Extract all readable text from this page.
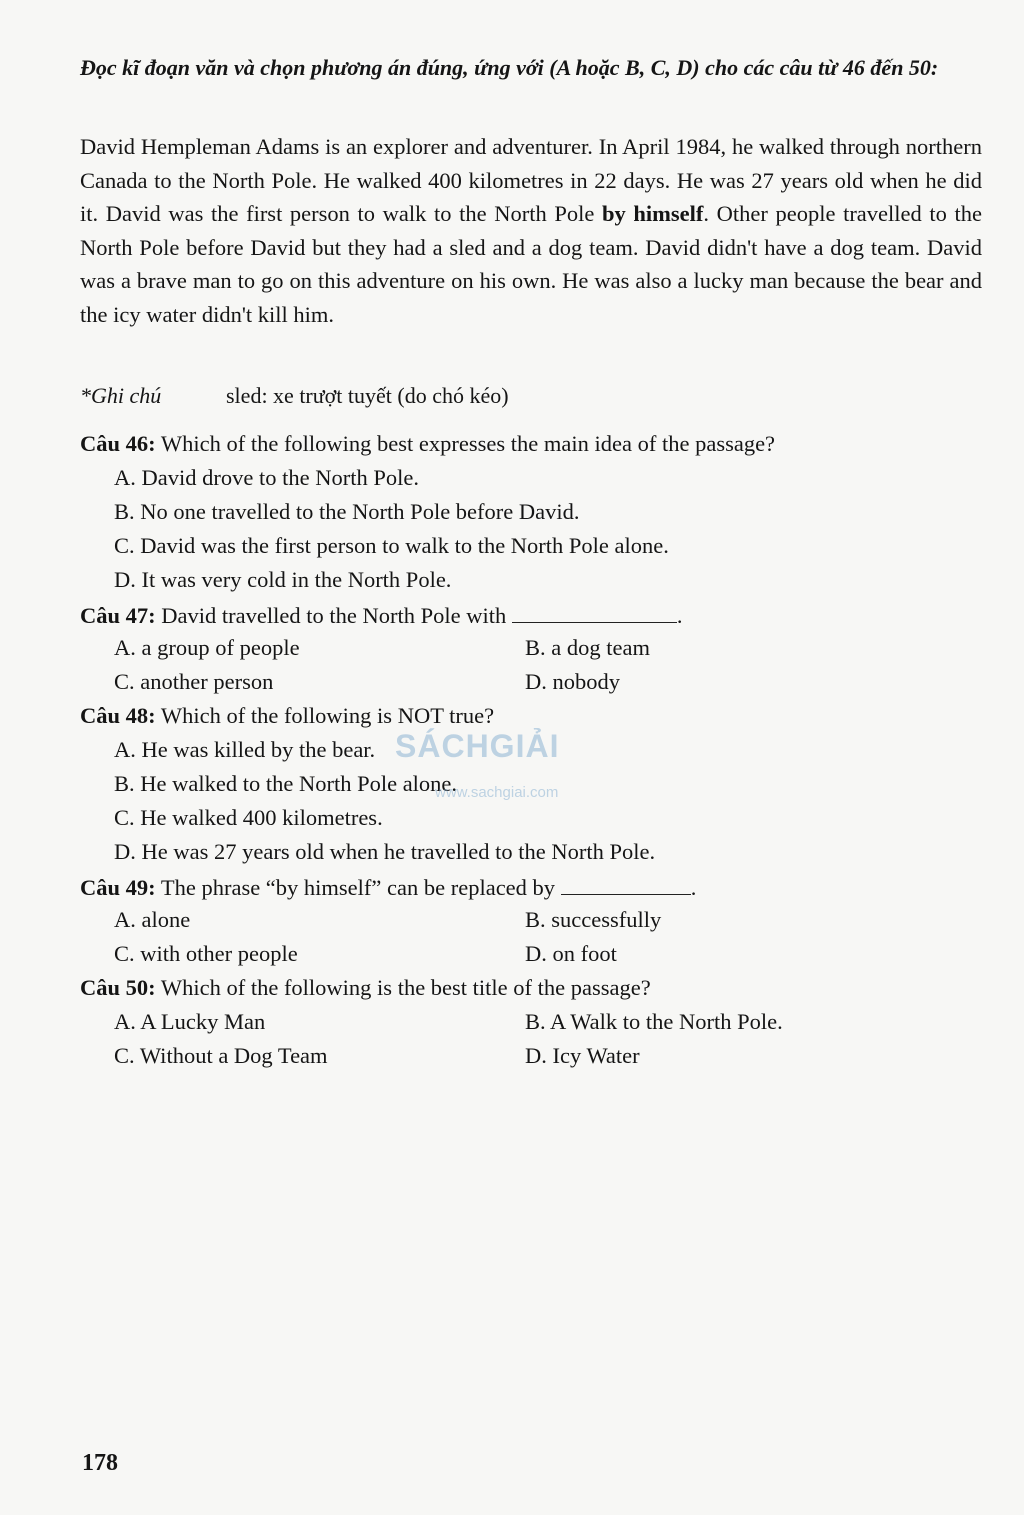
Đọc kĩ đoạn văn và chọn phương án đúng, ứng với (A hoặc B, C, D) cho các câu từ 46 đến 50:
David Hempleman Adams is an explorer and adventurer. In April 1984, he walked through northern Canada to the North Pole. He walked 400 kilometres in 22 days. He was 27 years old when he did it. David was the first person to walk to the North Pole by himself. Other people travelled to the North Pole before David but they had a sled and a dog team. David didn't have a dog team. David was a brave man to go on this adventure on his own. He was also a lucky man because the bear and the icy water didn't kill him.
*Ghi chú	sled: xe trượt tuyết (do chó kéo)
Câu 46: Which of the following best expresses the main idea of the passage?
A. David drove to the North Pole.
B. No one travelled to the North Pole before David.
C. David was the first person to walk to the North Pole alone.
D. It was very cold in the North Pole.
Câu 47: David travelled to the North Pole with	.
A. a group of people	B. a dog team
C. another person	D. nobody
Câu 48: Which of the following is NOT true?
A. He was killed by the bear.
B. He walked to the North Pole alone.
C. He walked 400 kilometres.
D. He was 27 years old when he travelled to the North Pole.
Câu 49: The phrase “by himself” can be replaced by	.
A. alone	B. successfully
C. with other people	D. on foot
Câu 50: Which of the following is the best title of the passage?
A. A Lucky Man	B. A Walk to the North Pole.
C. Without a Dog Team	D. Icy Water
SÁCHGIẢI
www.sachgiai.com
178
